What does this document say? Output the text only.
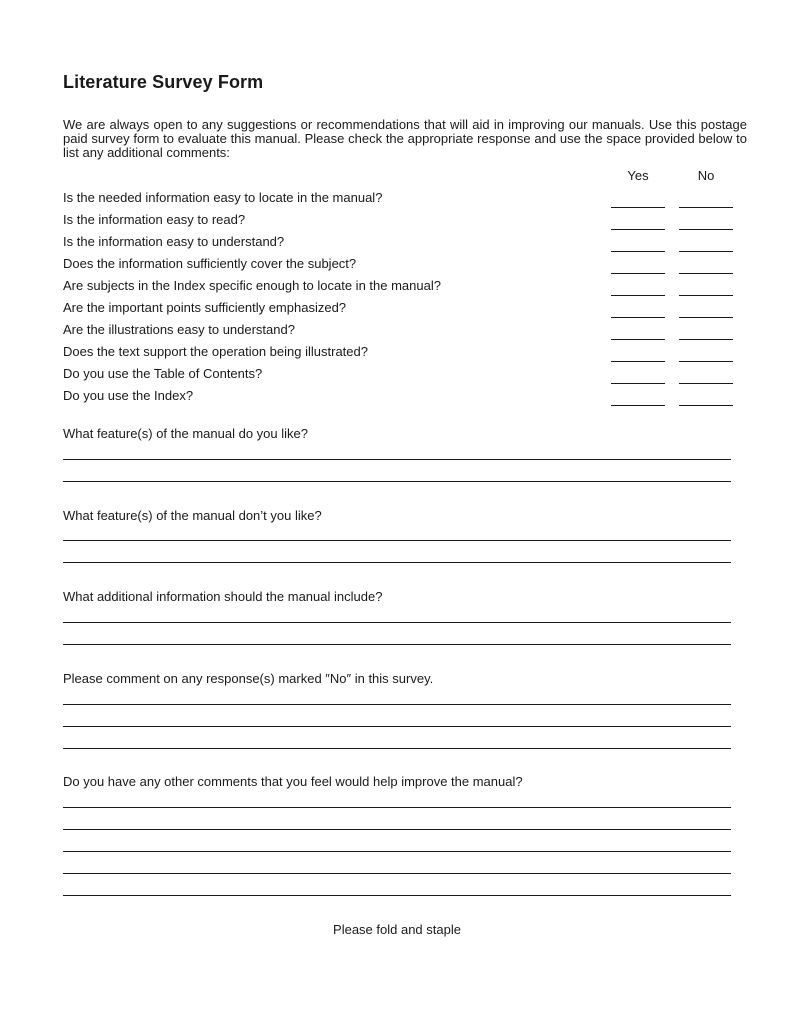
Literature Survey Form

We are always open to any suggestions or recommendations that will aid in improving our manuals. Use this postage paid survey form to evaluate this manual. Please check the appropriate response and use the space provided below to list any additional comments:

Yes	No
Is the needed information easy to locate in the manual?
Is the information easy to read?
Is the information easy to understand?
Does the information sufficiently cover the subject?
Are subjects in the Index specific enough to locate in the manual?
Are the important points sufficiently emphasized?
Are the illustrations easy to understand?
Does the text support the operation being illustrated?
Do you use the Table of Contents?
Do you use the Index?
What feature(s) of the manual do you like?
What feature(s) of the manual don’t you like?
What additional information should the manual include?
Please comment on any response(s) marked ″No″ in this survey.
Do you have any other comments that you feel would help improve the manual?
Please fold and staple
